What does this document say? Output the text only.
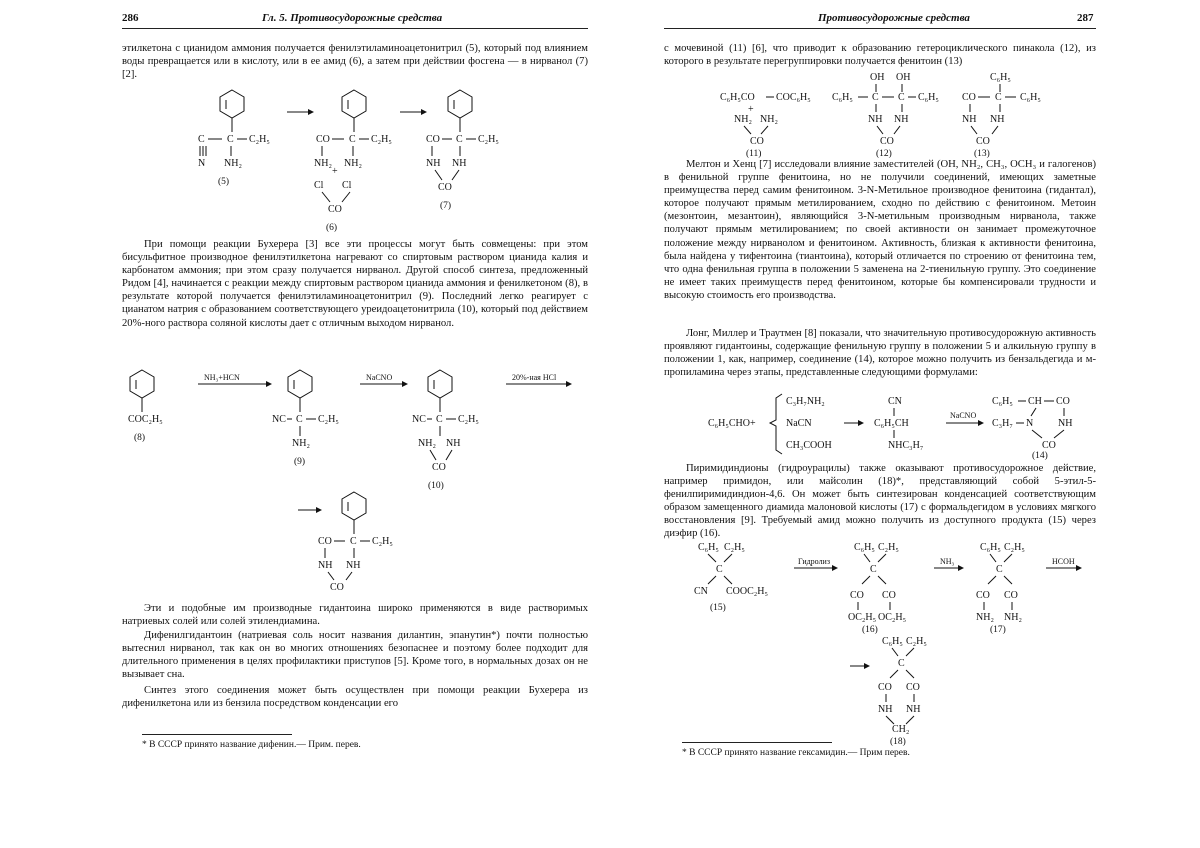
286	Гл. 5. Противосудорожные средства

этилкетона с цианидом аммония получается фенилэтиламиноацетонитрил (5), который под влиянием воды превращается или в кислоту, или в ее амид (6), а затем при действии фосгена — в нирванол (7) [2].

C C C₂H₅
N NH₂
(5)
CO C C₂H₅
NH₂ NH₂
+
Cl Cl
CO
(6)
CO C C₂H₅
NH NH
CO
(7)

При помощи реакции Бухерера [3] все эти процессы могут быть совмещены: при этом бисульфитное производное фенилэтилкетона нагревают со спиртовым раствором цианида калия и карбонатом аммония; при этом сразу получается нирванол. Другой способ синтеза, предложенный Ридом [4], начинается с реакции между спиртовым раствором цианида аммония и фенилкетоном (8), в результате которой получается фенилэтиламиноацетонитрил (9). Последний легко реагирует с цианатом натрия с образованием соответствующего уреидоацетонитрила (10), который под действием 20%-ного раствора соляной кислоты дает с отличным выходом нирванол.

COC₂H₅
(8)
NH₃+HCN
NC C C₂H₅
NH₂
(9)
NaCNO
NC C C₂H₅
NH₂ NH
CO
(10)
20%-ная HCl
CO C C₂H₅
NH NH
CO

Эти и подобные им производные гидантоина широко применяются в виде растворимых натриевых солей или солей этилендиамина.

Дифенилгидантоин (натриевая соль носит названия дилантин, эпанутин*) почти полностью вытеснил нирванол, так как он во многих отношениях безопаснее и поэтому более подходит для длительного применения в целях профилактики приступов [5]. Кроме того, в нормальных дозах он не вызывает сна.

Синтез этого соединения может быть осуществлен при помощи реакции Бухерера из дифенилкетона или из бензила посредством конденсации его

* В СССР принято название дифенин.— Прим. перев.
Противосудорожные средства	287

с мочевиной (11) [6], что приводит к образованию гетероциклического пинакола (12), из которого в результате перегруппировки получается фенитоин (13)

C₆H₅CO COC₆H₅
+
NH₂ NH₂
CO
(11)
OH OH
C₆H₅ C C C₆H₅
NH NH
CO
(12)
C₆H₅
CO C C₆H₅
NH NH
CO
(13)

Мелтон и Хенц [7] исследовали влияние заместителей (OH, NH₂, CH₃, OCH₃ и галогенов) в фенильной группе фенитоина, но не получили соединений, имеющих заметные преимущества перед самим фенитоином. 3-N-Метильное производное фенитоина (гидантал), которое получают прямым метилированием, сходно по действию с фенитоином. Метоин (мезонтоин, мезантоин), являющийся 3-N-метильным производным нирванола, также получают прямым метилированием; по своей активности он занимает промежуточное положение между нирванолом и фенитоином. Активность, близкая к активности фенитоина, была найдена у тифентоина (тиантоина), который отличается по строению от фенитоина тем, что одна фенильная группа в положении 5 заменена на 2-тиенильную группу. Это соединение не имеет таких преимуществ перед фенитоином, которые бы компенсировали трудности и высокую стоимость его производства.

Лонг, Миллер и Траутмен [8] показали, что значительную противосудорожную активность проявляют гидантоины, содержащие фенильную группу в положении 5 и алкильную группу в положении 1, как, например, соединение (14), которое можно получить из бензальдегида и м-пропиламина через этапы, представленные следующими формулами:

C₆H₅CHO+
C₃H₇NH₂
NaCN
CH₃COOH
CN
C₆H₅CH
NHC₃H₇
NaCNO
C₆H₅ CH CO
C₃H₇ N NH
CO
(14)

Пиримидиндионы (гидроурацилы) также оказывают противосудорожное действие, например примидон, или майсолин (18)*, представляющий собой 5-этил-5-фенилпиримидиндион-4,6. Он может быть синтезирован конденсацией соответствующим образом замещенного диамида малоновой кислоты (17) с формальдегидом в условиях мягкого восстановления [9]. Требуемый амид можно получить из доступного продукта (15) через диэфир (16).

C₆H₅ C₂H₅
C
CN COOC₂H₅
(15)
Гидролиз
C₆H₅ C₂H₅
C
CO CO
OC₂H₅ OC₂H₅
(16)
NH₃
C₆H₅ C₂H₅
C
CO CO
NH₂ NH₂
(17)
HCOH
C₆H₅ C₂H₅
C
CO CO
NH NH
CH₂
(18)
* В СССР принято название гексамидин.— Прим перев.
